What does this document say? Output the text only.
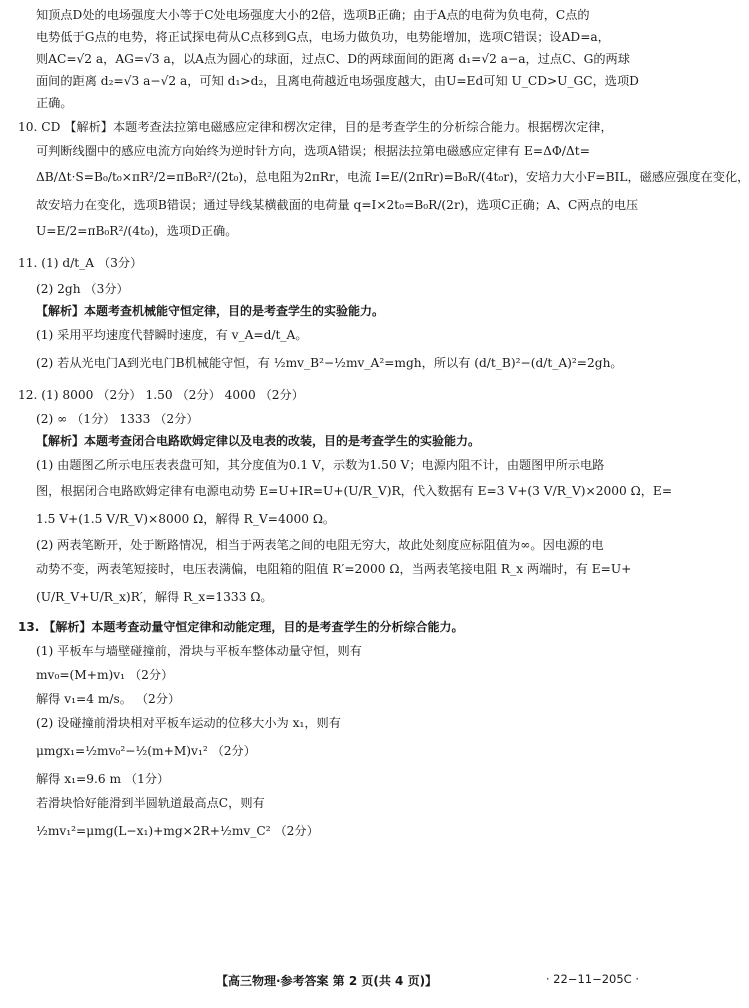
知顶点D处的电场强度大小等于C处电场强度大小的2倍，选项B正确；由于A点的电荷为负电荷，C点的
电势低于G点的电势，将正试探电荷从C点移到G点，电场力做负功，电势能增加，选项C错误；设AD=a，
则AC=√2 a，AG=√3 a，以A点为圆心的球面，过点C、D的两球面间的距离 d₁=√2 a−a，过点C、G的两球
面间的距离 d₂=√3 a−√2 a，可知 d₁>d₂，且离电荷越近电场强度越大，由U=Ed可知 U_CD>U_GC，选项D
正确。
10. CD 【解析】本题考查法拉第电磁感应定律和楞次定律，目的是考查学生的分析综合能力。根据楞次定律，
可判断线圈中的感应电流方向始终为逆时针方向，选项A错误；根据法拉第电磁感应定律有 E=ΔΦ/Δt=
ΔB/Δt·S=B₀/t₀×πR²/2=πB₀R²/(2t₀)，总电阻为2πRr，电流 I=E/(2πRr)=B₀R/(4t₀r)，安培力大小F=BIL，磁感应强度在变化，
故安培力在变化，选项B错误；通过导线某横截面的电荷量 q=I×2t₀=B₀R/(2r)，选项C正确；A、C两点的电压
U=E/2=πB₀R²/(4t₀)，选项D正确。
11. (1) d/t_A （3分）
(2) 2gh （3分）
【解析】本题考查机械能守恒定律，目的是考查学生的实验能力。
(1) 采用平均速度代替瞬时速度，有 v_A=d/t_A。
(2) 若从光电门A到光电门B机械能守恒，有 ½mv_B²−½mv_A²=mgh，所以有 (d/t_B)²−(d/t_A)²=2gh。
12. (1) 8000 （2分） 1.50 （2分） 4000 （2分）
(2) ∞ （1分） 1333 （2分）
【解析】本题考查闭合电路欧姆定律以及电表的改装，目的是考查学生的实验能力。
(1) 由题图乙所示电压表表盘可知，其分度值为0.1 V，示数为1.50 V；电源内阻不计，由题图甲所示电路
图，根据闭合电路欧姆定律有电源电动势 E=U+IR=U+(U/R_V)R，代入数据有 E=3 V+(3 V/R_V)×2000 Ω，E=
1.5 V+(1.5 V/R_V)×8000 Ω，解得 R_V=4000 Ω。
(2) 两表笔断开，处于断路情况，相当于两表笔之间的电阻无穷大，故此处刻度应标阻值为∞。因电源的电
动势不变，两表笔短接时，电压表满偏，电阻箱的阻值 R′=2000 Ω，当两表笔接电阻 R_x 两端时，有 E=U+
(U/R_V+U/R_x)R′，解得 R_x=1333 Ω。
13. 【解析】本题考查动量守恒定律和动能定理，目的是考查学生的分析综合能力。
(1) 平板车与墙壁碰撞前，滑块与平板车整体动量守恒，则有
mv₀=(M+m)v₁ （2分）
解得 v₁=4 m/s。 （2分）
(2) 设碰撞前滑块相对平板车运动的位移大小为 x₁，则有
μmgx₁=½mv₀²−½(m+M)v₁² （2分）
解得 x₁=9.6 m （1分）
若滑块恰好能滑到半圆轨道最高点C，则有
½mv₁²=μmg(L−x₁)+mg×2R+½mv_C² （2分）
【高三物理·参考答案 第 2 页(共 4 页)】	· 22−11−205C ·
